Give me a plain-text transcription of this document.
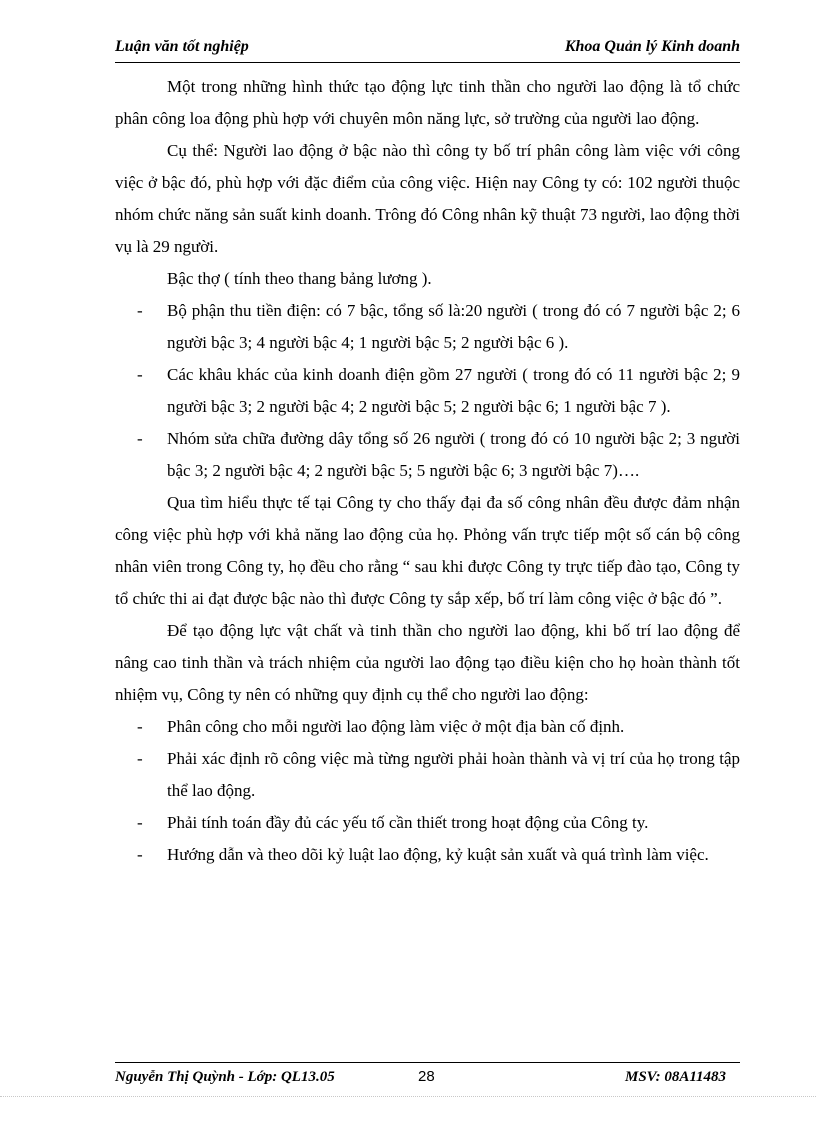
Luận văn tốt nghiệp	Khoa Quản lý Kinh doanh

Một trong những hình thức tạo động lực tinh thần cho người lao động là tổ chức phân công loa động phù hợp với chuyên môn năng lực, sở trường của người lao động.

Cụ thể: Người lao động ở bậc nào thì công ty bố trí phân công làm việc với công việc ở bậc đó, phù hợp với đặc điểm của công việc. Hiện nay Công ty có: 102 người thuộc nhóm chức năng sản suất kinh doanh. Trông đó Công nhân kỹ thuật 73 người, lao động thời vụ là 29 người.

Bậc thợ ( tính theo thang bảng lương ).

- Bộ phận thu tiền điện: có 7 bậc, tổng số là:20 người ( trong đó có 7 người bậc 2; 6 người bậc 3; 4 người bậc 4; 1 người bậc 5; 2 người bậc 6 ).
- Các khâu khác của kinh doanh điện gồm 27 người ( trong đó có 11 người bậc 2; 9 người bậc 3; 2 người bậc 4; 2 người bậc 5; 2 người bậc 6; 1 người bậc 7 ).
- Nhóm sửa chữa đường dây tổng số 26 người ( trong đó có 10 người bậc 2; 3 người bậc 3; 2 người bậc 4; 2 người bậc 5; 5 người bậc 6; 3 người bậc 7)….

Qua tìm hiểu thực tế tại Công ty cho thấy đại đa số công nhân đều được đảm nhận công việc phù hợp với khả năng lao động của họ. Phỏng vấn trực tiếp một số cán bộ công nhân viên trong Công ty, họ đều cho rằng “ sau khi được Công ty trực tiếp đào tạo, Công ty tổ chức thi ai đạt được bậc nào thì được Công ty sắp xếp, bố trí làm công việc ở bậc đó ”.

Để tạo động lực vật chất và tinh thần cho người lao động, khi bố trí lao động để nâng cao tinh thần và trách nhiệm của người lao động tạo điều kiện cho họ hoàn thành tốt nhiệm vụ, Công ty nên có những quy định cụ thể cho người lao động:

- Phân công cho mỗi người lao động làm việc ở một địa bàn cố định.
- Phải xác định rõ công việc mà từng người phải hoàn thành và vị trí của họ trong tập thể lao động.
- Phải tính toán đầy đủ các yếu tố cần thiết trong hoạt động của Công ty.
- Hướng dẫn và theo dõi kỷ luật lao động, kỷ kuật sản xuất và quá trình làm việc.
Nguyễn Thị Quỳnh - Lớp: QL13.05	28	MSV: 08A11483
